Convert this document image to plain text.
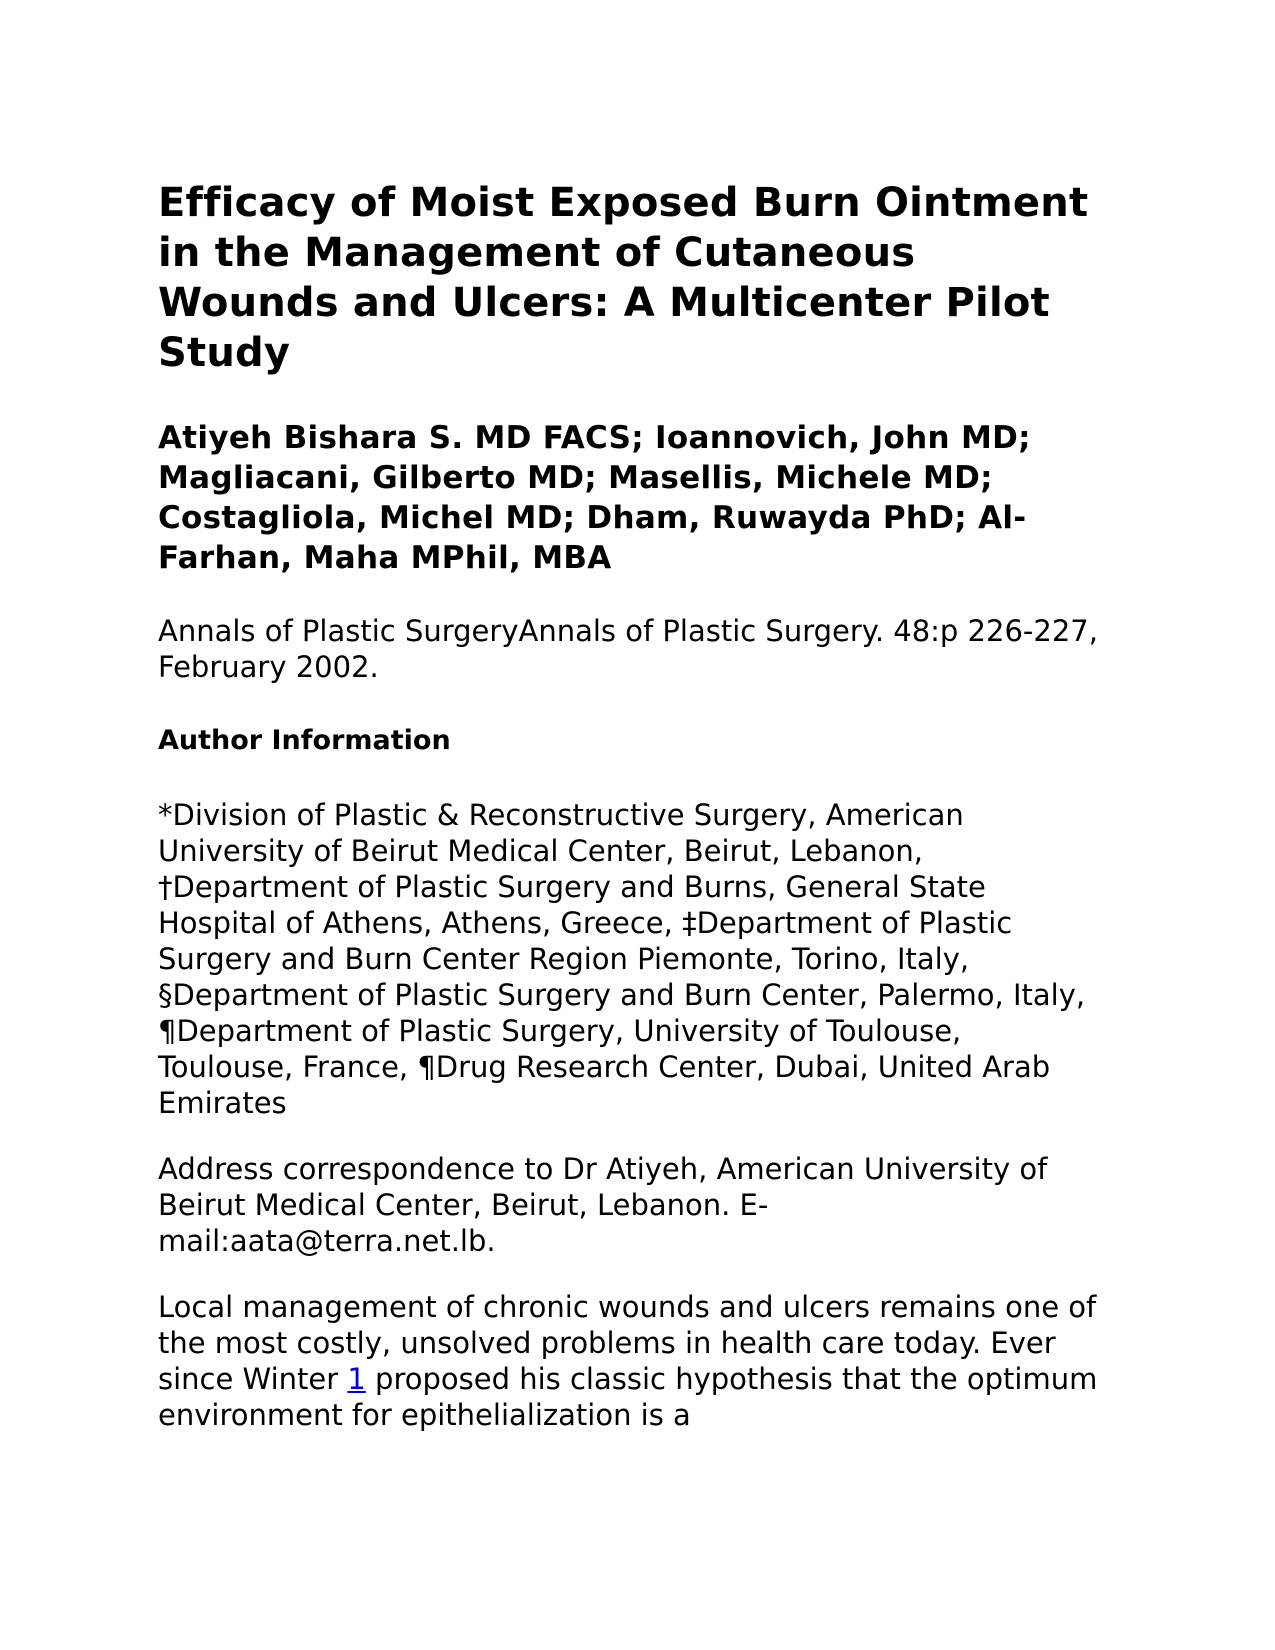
Efficacy of Moist Exposed Burn Ointment in the Management of Cutaneous Wounds and Ulcers: A Multicenter Pilot Study

Atiyeh Bishara S. MD FACS; Ioannovich, John MD; Magliacani, Gilberto MD; Masellis, Michele MD; Costagliola, Michel MD; Dham, Ruwayda PhD; Al-Farhan, Maha MPhil, MBA

Annals of Plastic SurgeryAnnals of Plastic Surgery. 48:p 226-227, February 2002.

Author Information

*Division of Plastic & Reconstructive Surgery, American University of Beirut Medical Center, Beirut, Lebanon, †Department of Plastic Surgery and Burns, General State Hospital of Athens, Athens, Greece, ‡Department of Plastic Surgery and Burn Center Region Piemonte, Torino, Italy, §Department of Plastic Surgery and Burn Center, Palermo, Italy, ¶Department of Plastic Surgery, University of Toulouse, Toulouse, France, ¶Drug Research Center, Dubai, United Arab Emirates

Address correspondence to Dr Atiyeh, American University of Beirut Medical Center, Beirut, Lebanon. E-mail:aata@terra.net.lb.

Local management of chronic wounds and ulcers remains one of the most costly, unsolved problems in health care today. Ever since Winter 1 proposed his classic hypothesis that the optimum environment for epithelialization is a
